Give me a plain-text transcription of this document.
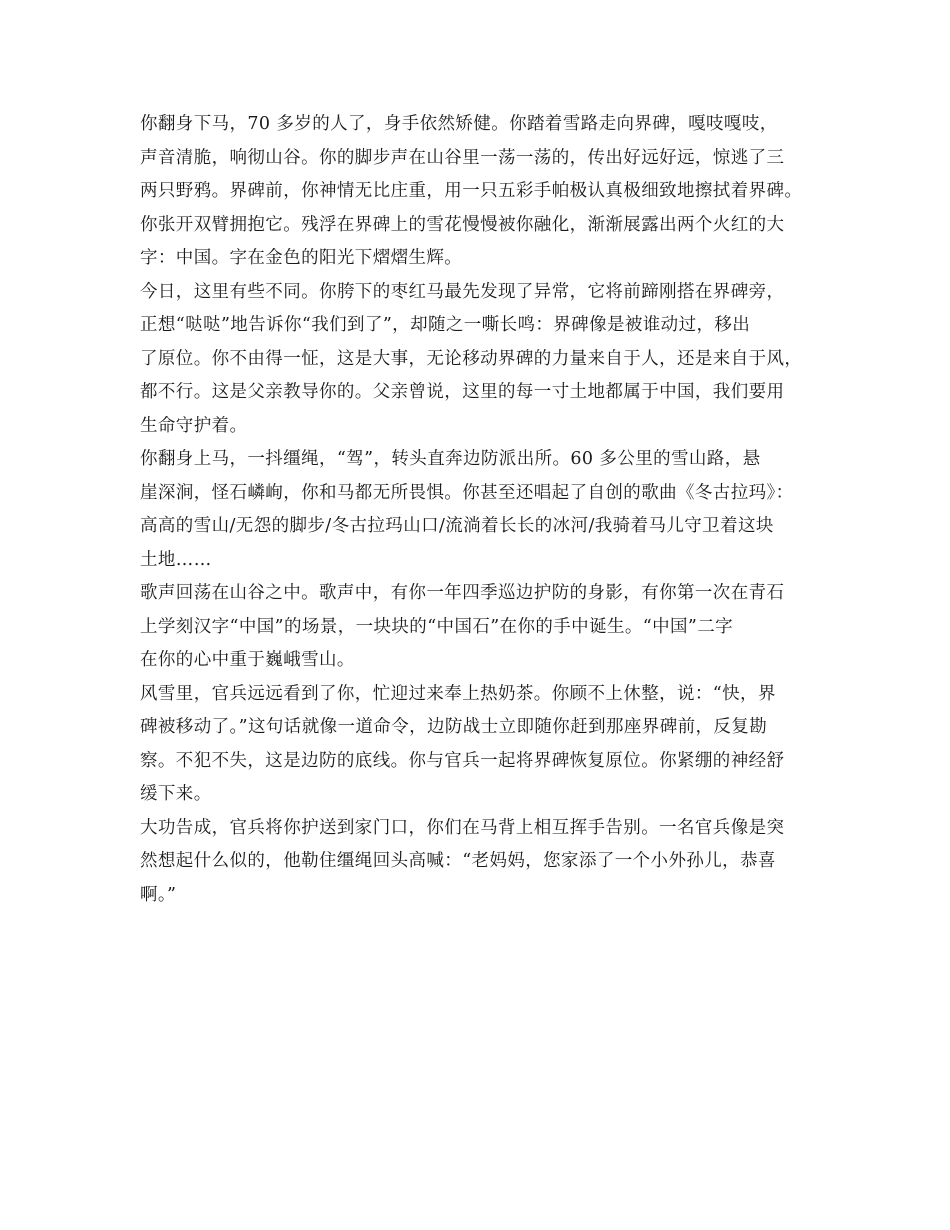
你翻身下马，70 多岁的人了，身手依然矫健。你踏着雪路走向界碑，嘎吱嘎吱，
声音清脆，响彻山谷。你的脚步声在山谷里一荡一荡的，传出好远好远，惊逃了三
两只野鸦。界碑前，你神情无比庄重，用一只五彩手帕极认真极细致地擦拭着界碑。
你张开双臂拥抱它。残浮在界碑上的雪花慢慢被你融化，渐渐展露出两个火红的大
字：中国。字在金色的阳光下熠熠生辉。
今日，这里有些不同。你胯下的枣红马最先发现了异常，它将前蹄刚搭在界碑旁，
正想“哒哒”地告诉你“我们到了”，却随之一嘶长鸣：界碑像是被谁动过，移出
了原位。你不由得一怔，这是大事，无论移动界碑的力量来自于人，还是来自于风，
都不行。这是父亲教导你的。父亲曾说，这里的每一寸土地都属于中国，我们要用
生命守护着。
你翻身上马，一抖缰绳，“驾”，转头直奔边防派出所。60 多公里的雪山路，悬
崖深涧，怪石嶙峋，你和马都无所畏惧。你甚至还唱起了自创的歌曲《冬古拉玛》：
高高的雪山/无怨的脚步/冬古拉玛山口/流淌着长长的冰河/我骑着马儿守卫着这块
土地……
歌声回荡在山谷之中。歌声中，有你一年四季巡边护防的身影，有你第一次在青石
上学刻汉字“中国”的场景，一块块的“中国石”在你的手中诞生。“中国”二字
在你的心中重于巍峨雪山。
风雪里，官兵远远看到了你，忙迎过来奉上热奶茶。你顾不上休整，说：“快，界
碑被移动了。”这句话就像一道命令，边防战士立即随你赶到那座界碑前，反复勘
察。不犯不失，这是边防的底线。你与官兵一起将界碑恢复原位。你紧绷的神经舒
缓下来。
大功告成，官兵将你护送到家门口，你们在马背上相互挥手告别。一名官兵像是突
然想起什么似的，他勒住缰绳回头高喊：“老妈妈，您家添了一个小外孙儿，恭喜
啊。”
